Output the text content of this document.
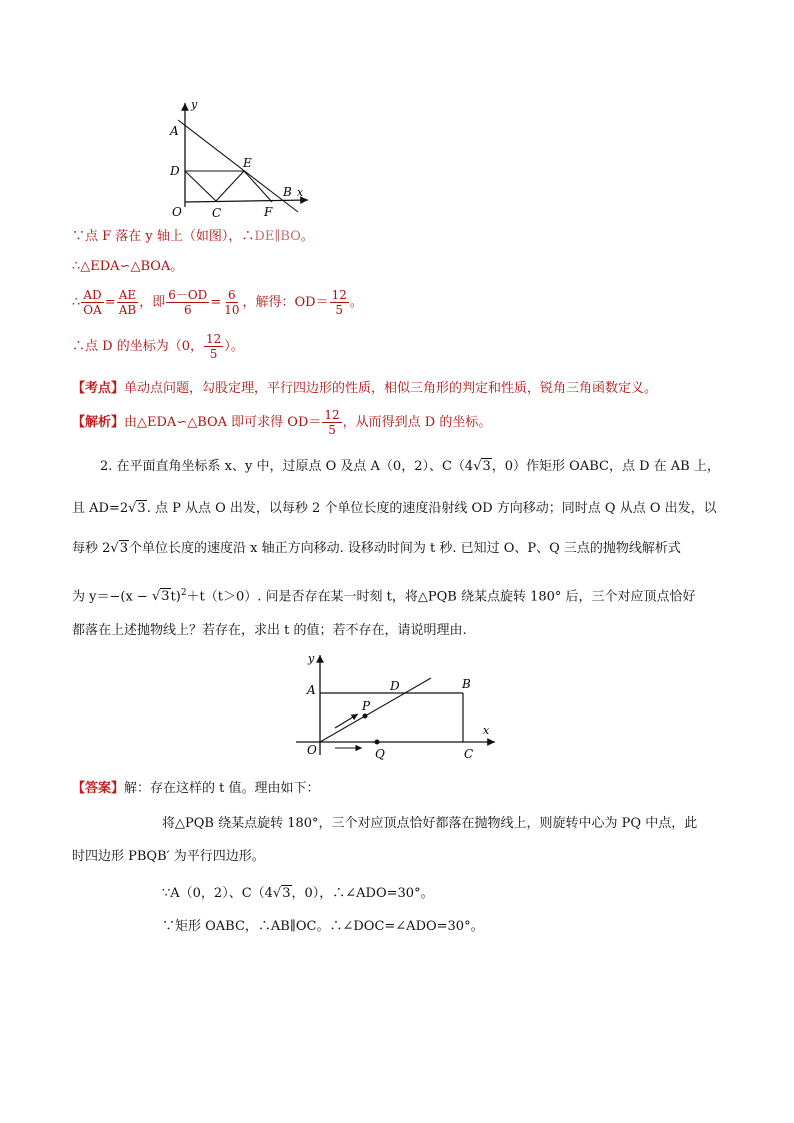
y
A
D
E
B x
O	C	F
∵点 F 落在 y 轴上（如图），∴DE∥BO。
∴△EDA∽△BOA。
∴ $\frac{AD}{OA} = \frac{AE}{AB}$ ，即 $\frac{6-OD}{6} = \frac{6}{10}$ ，解得：$OD= \frac{12}{5}$ 。
∴点 D 的坐标为（0， $\frac{12}{5}$ ）。
【考点】单动点问题，勾股定理，平行四边形的性质，相似三角形的判定和性质，锐角三角函数定义。
【解析】 由△EDA∽△BOA 即可求得 $OD= \frac{12}{5}$ ，从而得到点 D 的坐标。
2. 在平面直角坐标系 x、y 中，过原点 O 及点 A（0，2）、C（4√3，0）作矩形 OABC，点 D 在 AB 上，
且 AD=2√3. 点 P 从点 O 出发，以每秒 2 个单位长度的速度沿射线 OD 方向移动；同时点 Q 从点 O 出发，以
每秒 2√3个单位长度的速度沿 x 轴正方向移动. 设移动时间为 t 秒. 已知过 O、P、Q 三点的抛物线解析式
为 $y=-(x - √3t)^2+t(t>0)$. 问是否存在某一时刻 t，将△PQB 绕某点旋转 180° 后，三个对应顶点恰好
都落在上述抛物线上？若存在，求出 t 的值；若不存在，请说明理由.
y
A	D	B
P
x
O	Q	C
【答案】解：存在这样的 t 值。理由如下：
将△PQB 绕某点旋转 180°，三个对应顶点恰好都落在抛物线上，则旋转中心为 PQ 中点，此
时四边形 PBQB′ 为平行四边形。
∵A（0，2）、C（4√3，0），∴∠ADO=30°。
∵矩形 OABC，∴AB∥OC。∴∠DOC=∠ADO=30°。
